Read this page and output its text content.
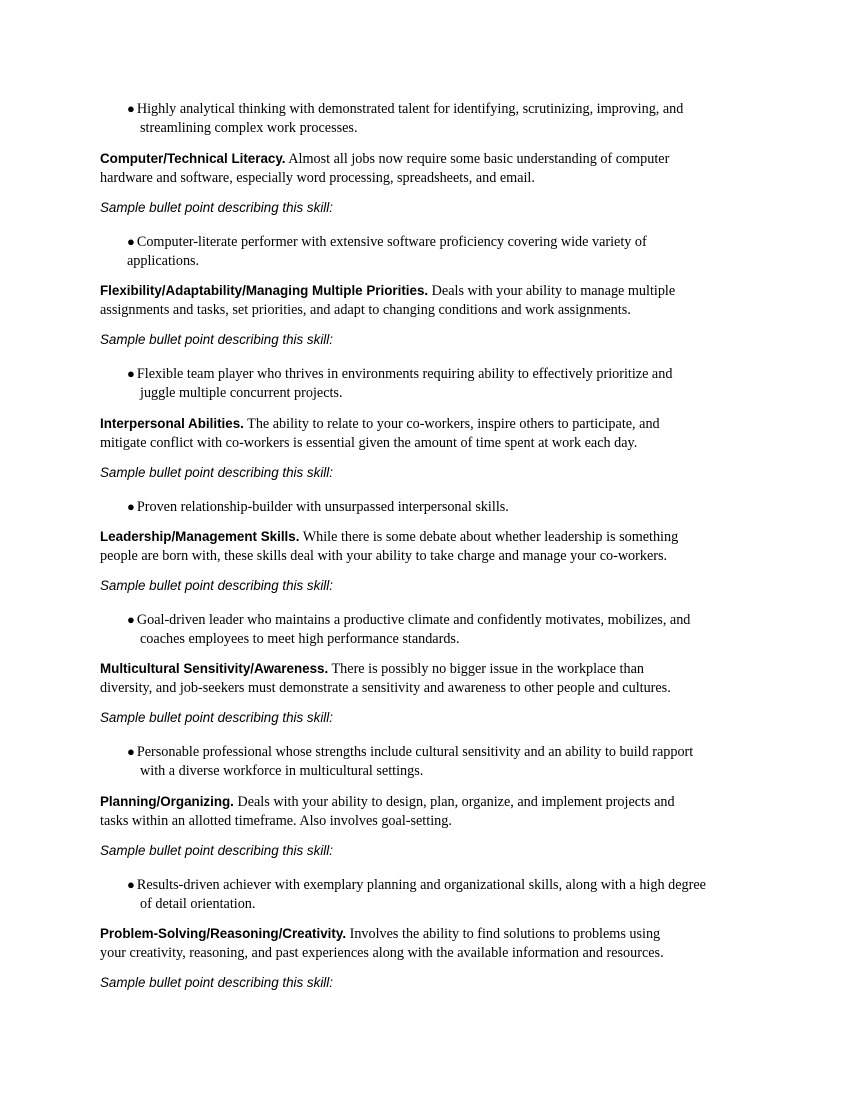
● Highly analytical thinking with demonstrated talent for identifying, scrutinizing, improving, and
streamlining complex work processes.
Computer/Technical Literacy. Almost all jobs now require some basic understanding of computer
hardware and software, especially word processing, spreadsheets, and email.
Sample bullet point describing this skill:
● Computer-literate performer with extensive software proficiency covering wide variety of
applications.
Flexibility/Adaptability/Managing Multiple Priorities. Deals with your ability to manage multiple
assignments and tasks, set priorities, and adapt to changing conditions and work assignments.
Sample bullet point describing this skill:
● Flexible team player who thrives in environments requiring ability to effectively prioritize and
juggle multiple concurrent projects.
Interpersonal Abilities. The ability to relate to your co-workers, inspire others to participate, and
mitigate conflict with co-workers is essential given the amount of time spent at work each day.
Sample bullet point describing this skill:
● Proven relationship-builder with unsurpassed interpersonal skills.
Leadership/Management Skills. While there is some debate about whether leadership is something
people are born with, these skills deal with your ability to take charge and manage your co-workers.
Sample bullet point describing this skill:
● Goal-driven leader who maintains a productive climate and confidently motivates, mobilizes, and
coaches employees to meet high performance standards.
Multicultural Sensitivity/Awareness. There is possibly no bigger issue in the workplace than
diversity, and job-seekers must demonstrate a sensitivity and awareness to other people and cultures.
Sample bullet point describing this skill:
● Personable professional whose strengths include cultural sensitivity and an ability to build rapport
with a diverse workforce in multicultural settings.
Planning/Organizing. Deals with your ability to design, plan, organize, and implement projects and
tasks within an allotted timeframe. Also involves goal-setting.
Sample bullet point describing this skill:
● Results-driven achiever with exemplary planning and organizational skills, along with a high degree
of detail orientation.
Problem-Solving/Reasoning/Creativity. Involves the ability to find solutions to problems using
your creativity, reasoning, and past experiences along with the available information and resources.
Sample bullet point describing this skill:
